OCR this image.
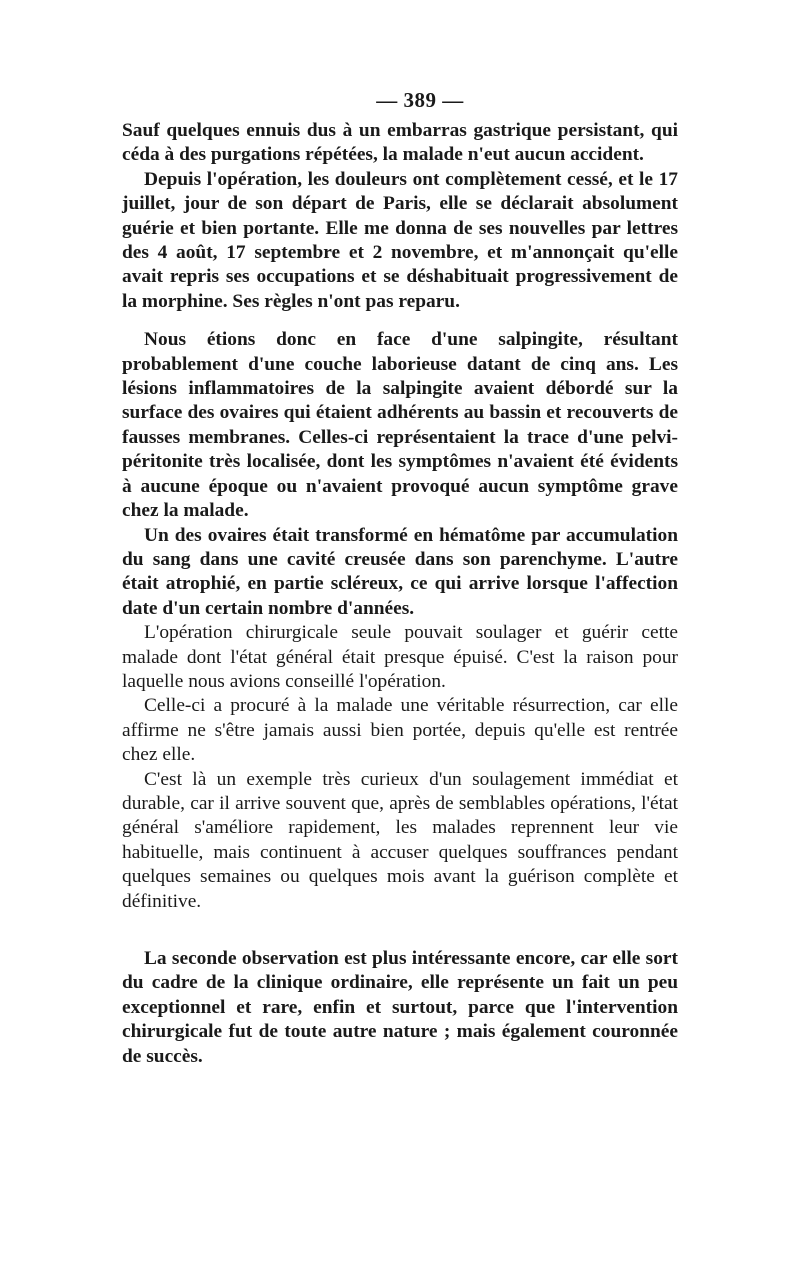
— 389 —

Sauf quelques ennuis dus à un embarras gastrique persistant, qui céda à des purgations répétées, la malade n'eut aucun accident.

Depuis l'opération, les douleurs ont complètement cessé, et le 17 juillet, jour de son départ de Paris, elle se déclarait absolument guérie et bien portante. Elle me donna de ses nouvelles par lettres des 4 août, 17 septembre et 2 novembre, et m'annonçait qu'elle avait repris ses occupations et se déshabituait progressivement de la morphine. Ses règles n'ont pas reparu.

Nous étions donc en face d'une salpingite, résultant probablement d'une couche laborieuse datant de cinq ans. Les lésions inflammatoires de la salpingite avaient débordé sur la surface des ovaires qui étaient adhérents au bassin et recouverts de fausses membranes. Celles-ci représentaient la trace d'une pelvi-péritonite très localisée, dont les symptômes n'avaient été évidents à aucune époque ou n'avaient provoqué aucun symptôme grave chez la malade.

Un des ovaires était transformé en hématôme par accumulation du sang dans une cavité creusée dans son parenchyme. L'autre était atrophié, en partie scléreux, ce qui arrive lorsque l'affection date d'un certain nombre d'années.

L'opération chirurgicale seule pouvait soulager et guérir cette malade dont l'état général était presque épuisé. C'est la raison pour laquelle nous avions conseillé l'opération.

Celle-ci a procuré à la malade une véritable résurrection, car elle affirme ne s'être jamais aussi bien portée, depuis qu'elle est rentrée chez elle.

C'est là un exemple très curieux d'un soulagement immédiat et durable, car il arrive souvent que, après de semblables opérations, l'état général s'améliore rapidement, les malades reprennent leur vie habituelle, mais continuent à accuser quelques souffrances pendant quelques semaines ou quelques mois avant la guérison complète et définitive.

La seconde observation est plus intéressante encore, car elle sort du cadre de la clinique ordinaire, elle représente un fait un peu exceptionnel et rare, enfin et surtout, parce que l'intervention chirurgicale fut de toute autre nature ; mais également couronnée de succès.
